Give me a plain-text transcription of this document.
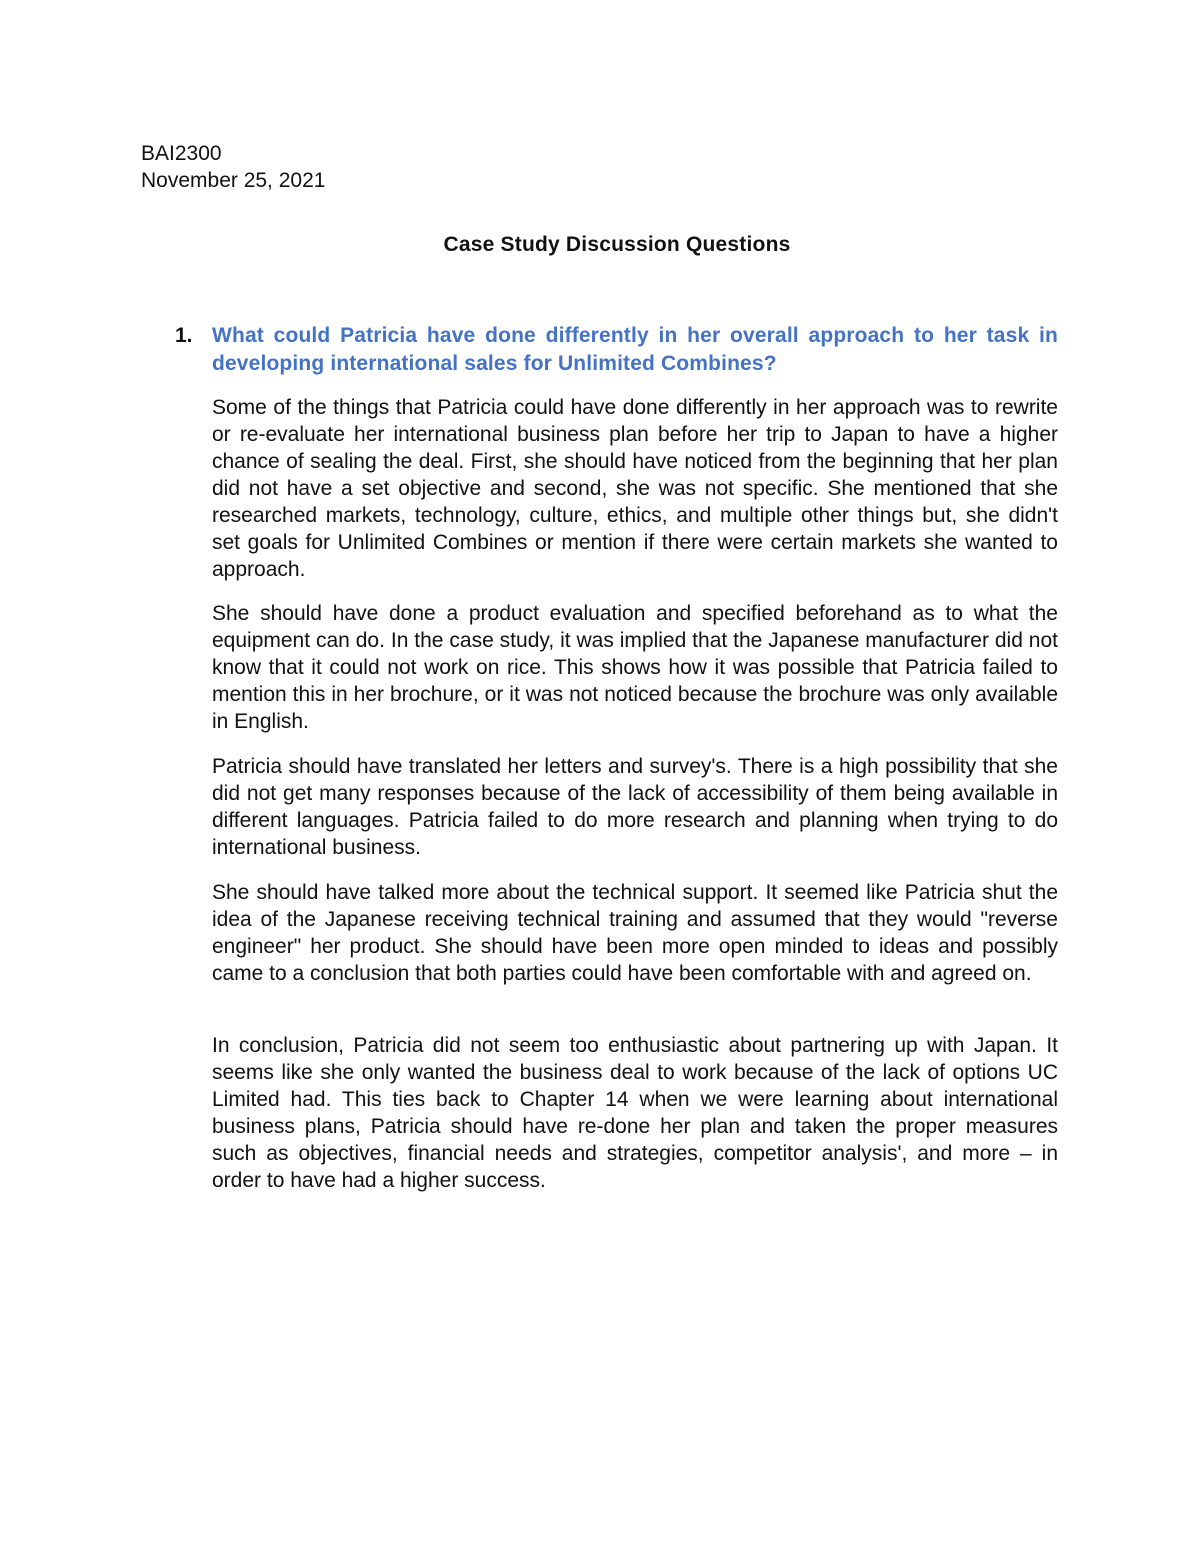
BAI2300
November 25, 2021
Case Study Discussion Questions
1. What could Patricia have done differently in her overall approach to her task in developing international sales for Unlimited Combines?
Some of the things that Patricia could have done differently in her approach was to rewrite or re-evaluate her international business plan before her trip to Japan to have a higher chance of sealing the deal. First, she should have noticed from the beginning that her plan did not have a set objective and second, she was not specific. She mentioned that she researched markets, technology, culture, ethics, and multiple other things but, she didn't set goals for Unlimited Combines or mention if there were certain markets she wanted to approach.
She should have done a product evaluation and specified beforehand as to what the equipment can do. In the case study, it was implied that the Japanese manufacturer did not know that it could not work on rice. This shows how it was possible that Patricia failed to mention this in her brochure, or it was not noticed because the brochure was only available in English.
Patricia should have translated her letters and survey's. There is a high possibility that she did not get many responses because of the lack of accessibility of them being available in different languages. Patricia failed to do more research and planning when trying to do international business.
She should have talked more about the technical support. It seemed like Patricia shut the idea of the Japanese receiving technical training and assumed that they would "reverse engineer" her product. She should have been more open minded to ideas and possibly came to a conclusion that both parties could have been comfortable with and agreed on.
In conclusion, Patricia did not seem too enthusiastic about partnering up with Japan. It seems like she only wanted the business deal to work because of the lack of options UC Limited had. This ties back to Chapter 14 when we were learning about international business plans, Patricia should have re-done her plan and taken the proper measures such as objectives, financial needs and strategies, competitor analysis', and more – in order to have had a higher success.
